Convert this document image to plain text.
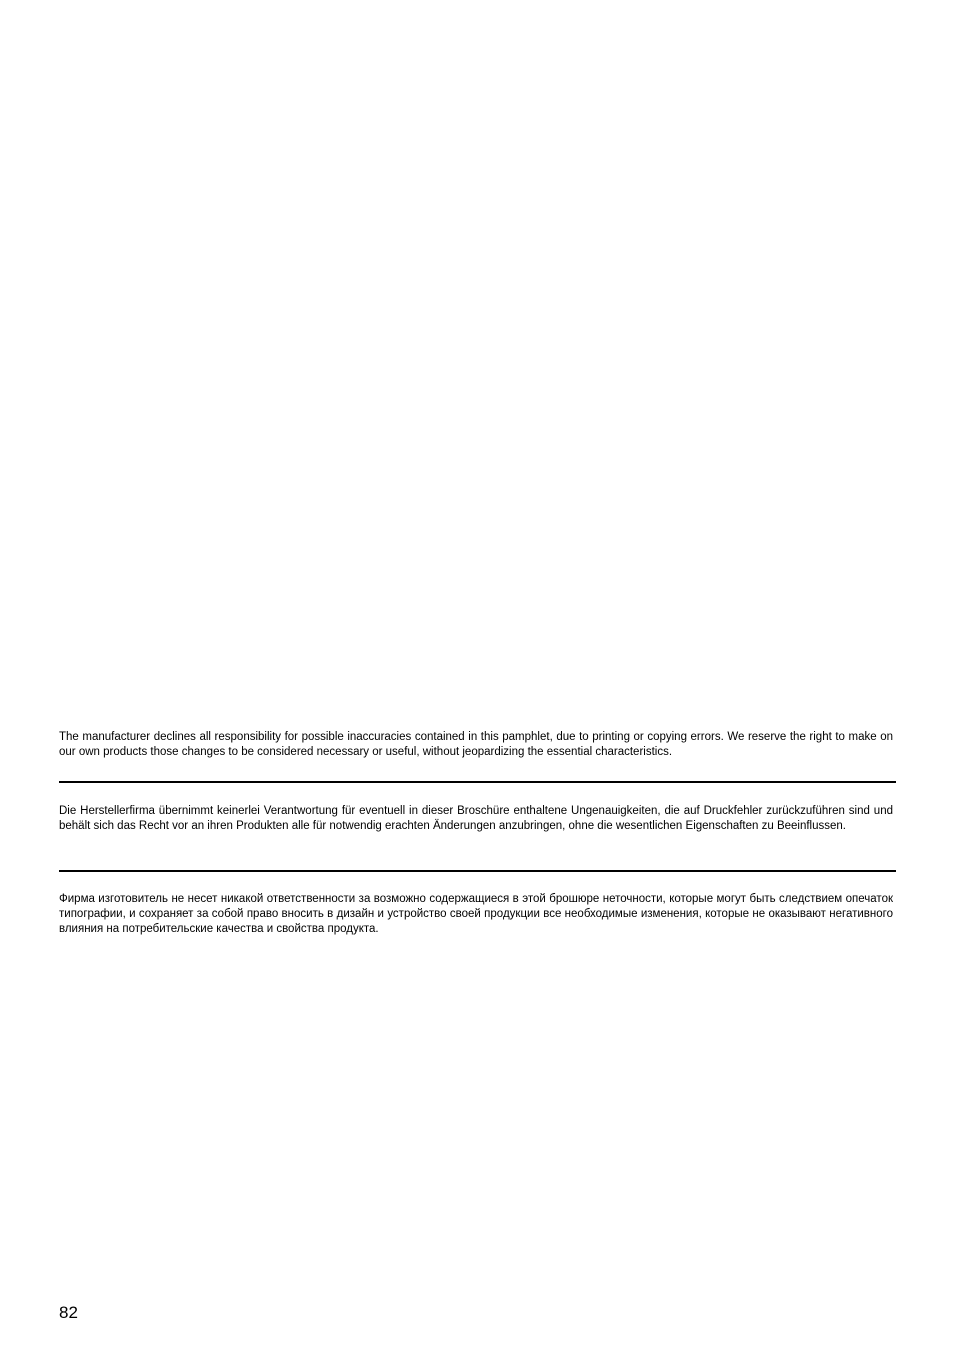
The manufacturer declines all responsibility for possible inaccuracies contained in this pamphlet, due to printing or copying errors. We reserve the right to make on our own products those changes to be considered necessary or useful, without jeopardizing the essential characteristics.

Die Herstellerfirma übernimmt keinerlei Verantwortung für eventuell in dieser Broschüre enthaltene Ungenauigkeiten, die auf Druckfehler zurückzuführen sind und behält sich das Recht vor an ihren Produkten alle für notwendig erachten Änderungen anzubringen, ohne die wesentlichen Eigenschaften zu Beeinflussen.

Фирма изготовитель не несет никакой ответственности за возможно содержащиеся в этой брошюре неточности, которые могут быть следствием опечаток типографии, и сохраняет за собой право вносить в дизайн и устройство своей продукции все необходимые изменения, которые не оказывают негативного влияния на потребительские качества и свойства продукта.

82
